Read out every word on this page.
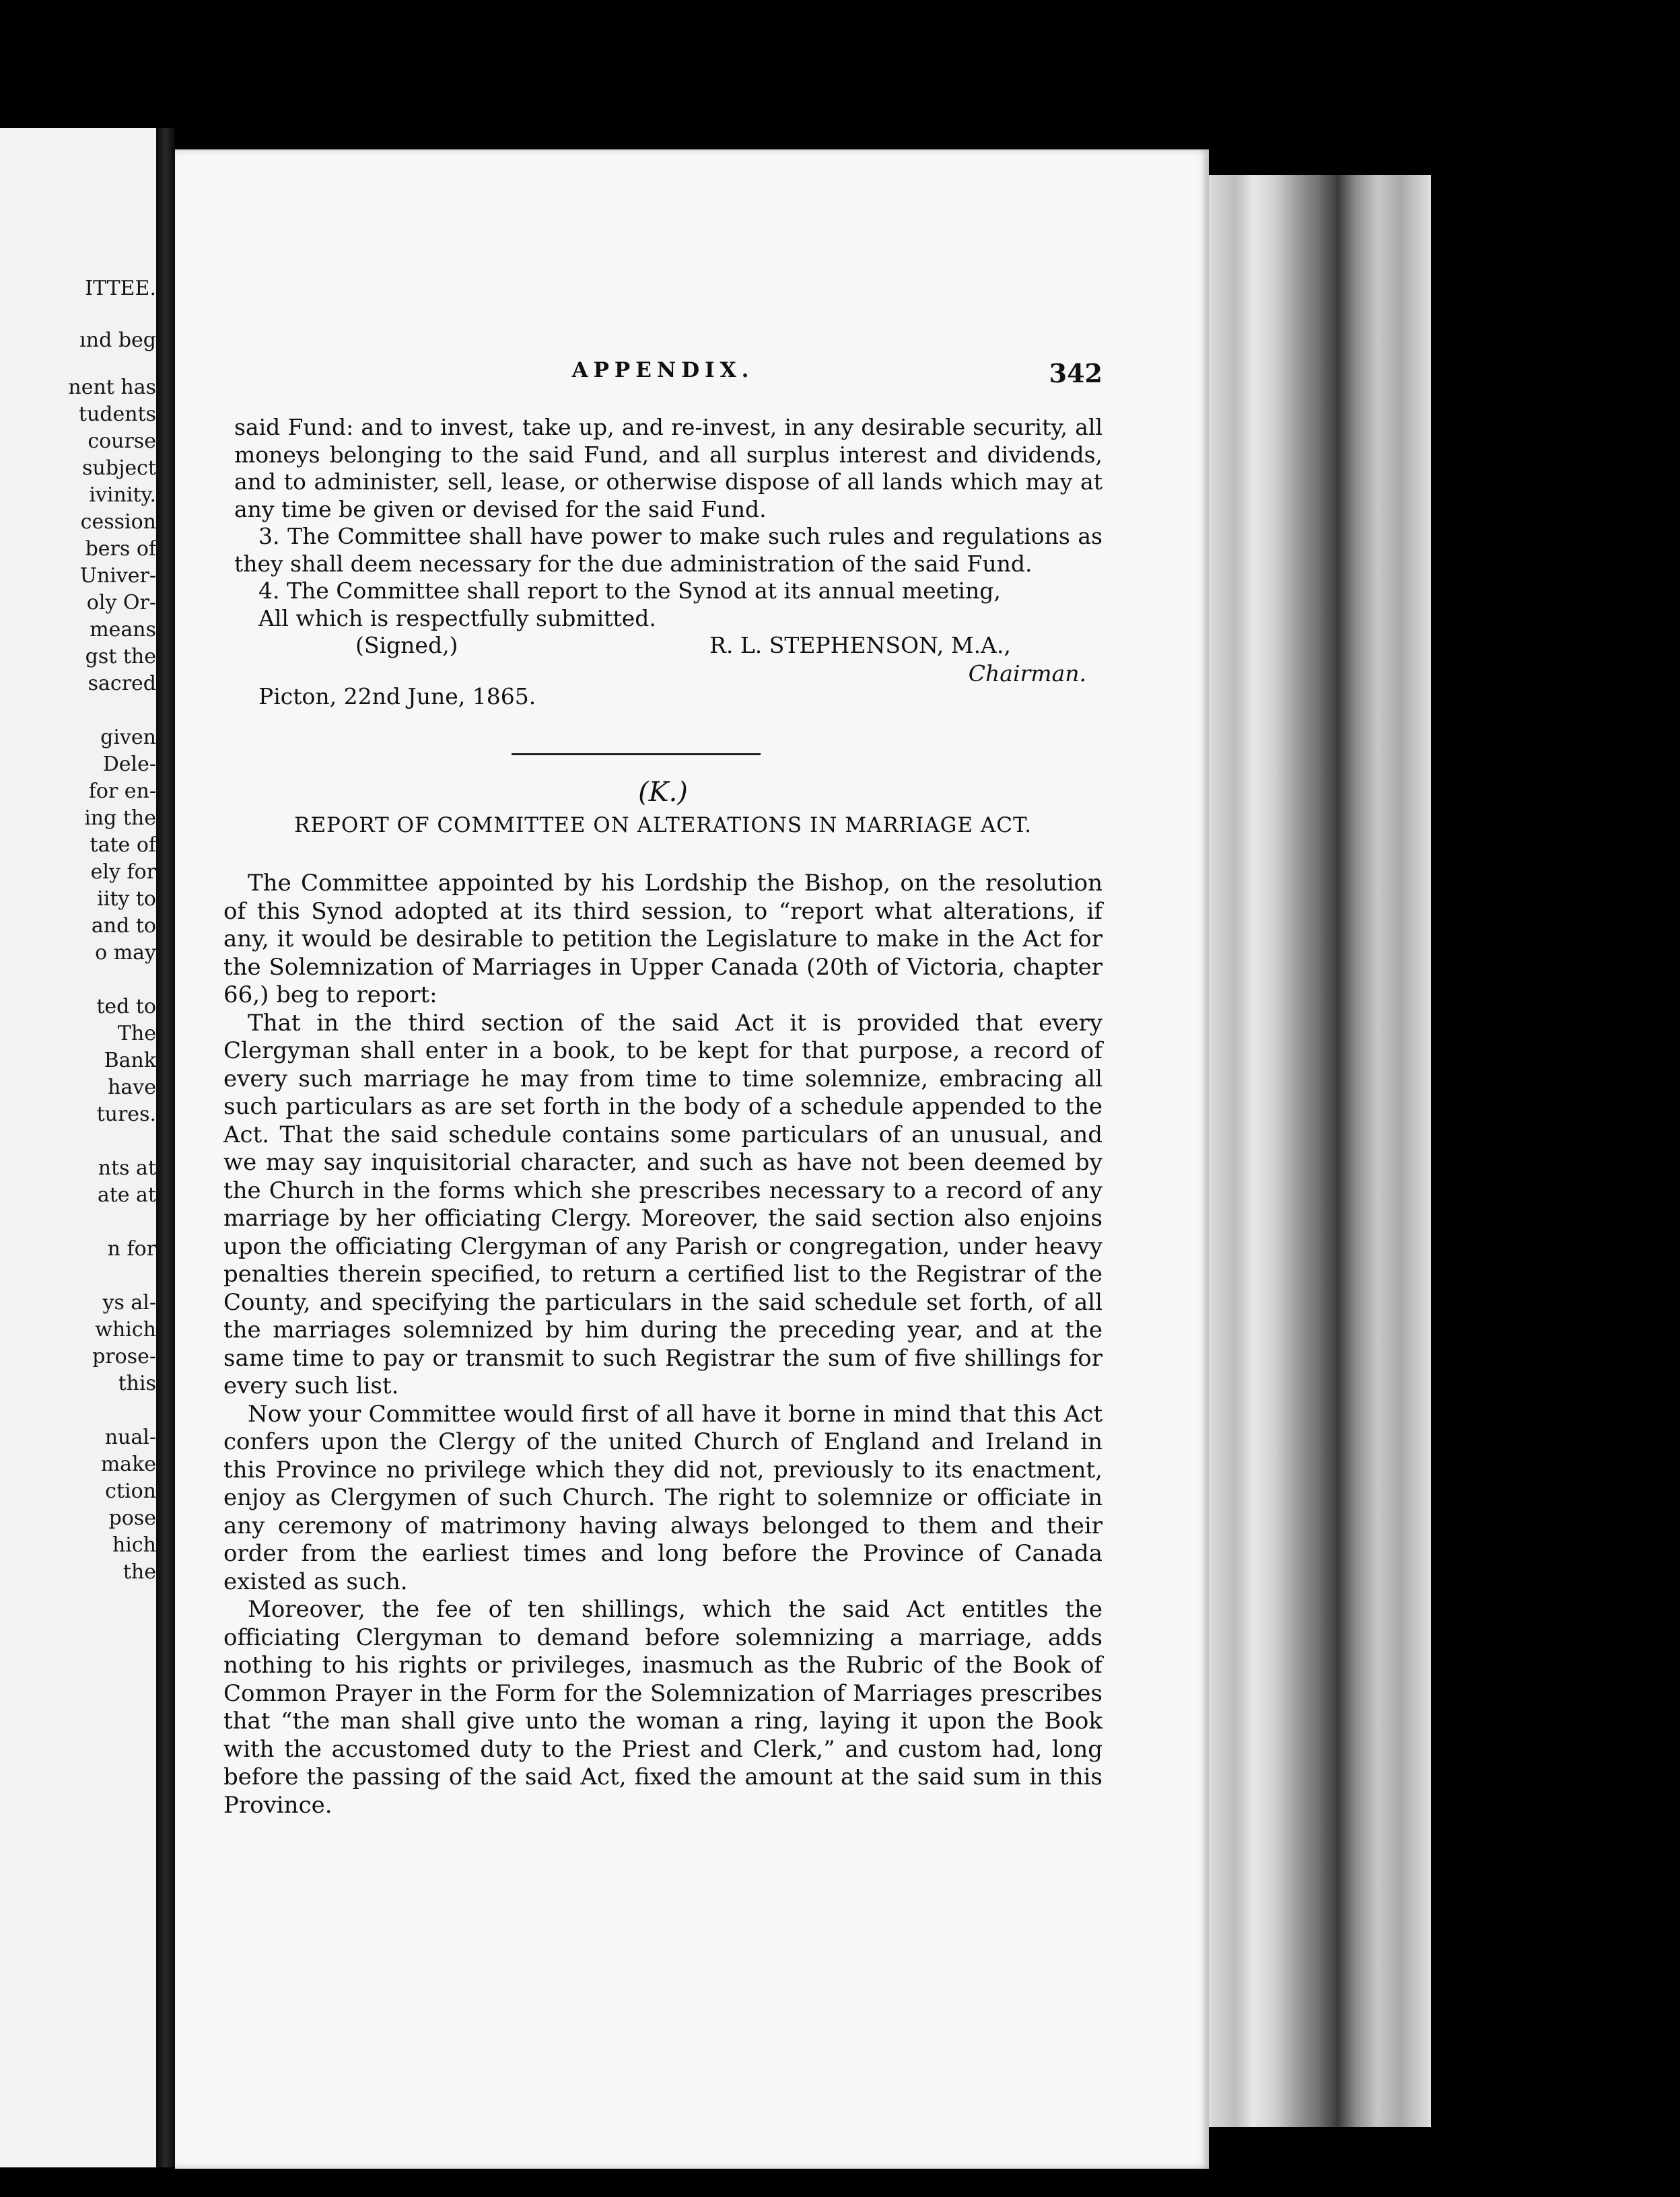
ITTEE.
ınd beg
nent has
tudents
course
subject
ivinity.
cession
bers of
Univer-
oly Or-
means
gst the
sacred
given
Dele-
for en-
ing the
tate of
ely for
iity to
and to
o may
ted to
The
Bank
have
tures.
nts at
ate at
n for
ys al-
which
prose-
this
nual-
make
ction
pose
hich
the
APPENDIX.	342

said Fund: and to invest, take up, and re-invest, in any desirable security, all moneys belonging to the said Fund, and all surplus interest and dividends, and to administer, sell, lease, or otherwise dispose of all lands which may at any time be given or devised for the said Fund.

3. The Committee shall have power to make such rules and regulations as they shall deem necessary for the due administration of the said Fund.

4. The Committee shall report to the Synod at its annual meeting,

All which is respectfully submitted.

(Signed,)	R. L. STEPHENSON, M.A.,
Chairman.

Picton, 22nd June, 1865.

(K.)
REPORT OF COMMITTEE ON ALTERATIONS IN MARRIAGE ACT.

The Committee appointed by his Lordship the Bishop, on the resolution of this Synod adopted at its third session, to “report what alterations, if any, it would be desirable to petition the Legislature to make in the Act for the Solemnization of Marriages in Upper Canada (20th of Victoria, chapter 66,) beg to report:

That in the third section of the said Act it is provided that every Clergyman shall enter in a book, to be kept for that purpose, a record of every such marriage he may from time to time solemnize, embracing all such particulars as are set forth in the body of a schedule appended to the Act. That the said schedule contains some particulars of an unusual, and we may say inquisitorial character, and such as have not been deemed by the Church in the forms which she prescribes necessary to a record of any marriage by her officiating Clergy. Moreover, the said section also enjoins upon the officiating Clergyman of any Parish or congregation, under heavy penalties therein specified, to return a certified list to the Registrar of the County, and specifying the particulars in the said schedule set forth, of all the marriages solemnized by him during the preceding year, and at the same time to pay or transmit to such Registrar the sum of five shillings for every such list.

Now your Committee would first of all have it borne in mind that this Act confers upon the Clergy of the united Church of England and Ireland in this Province no privilege which they did not, previously to its enactment, enjoy as Clergymen of such Church. The right to solemnize or officiate in any ceremony of matrimony having always belonged to them and their order from the earliest times and long before the Province of Canada existed as such.

Moreover, the fee of ten shillings, which the said Act entitles the officiating Clergyman to demand before solemnizing a marriage, adds nothing to his rights or privileges, inasmuch as the Rubric of the Book of Common Prayer in the Form for the Solemnization of Marriages prescribes that “the man shall give unto the woman a ring, laying it upon the Book with the accustomed duty to the Priest and Clerk,” and custom had, long before the passing of the said Act, fixed the amount at the said sum in this Province.
